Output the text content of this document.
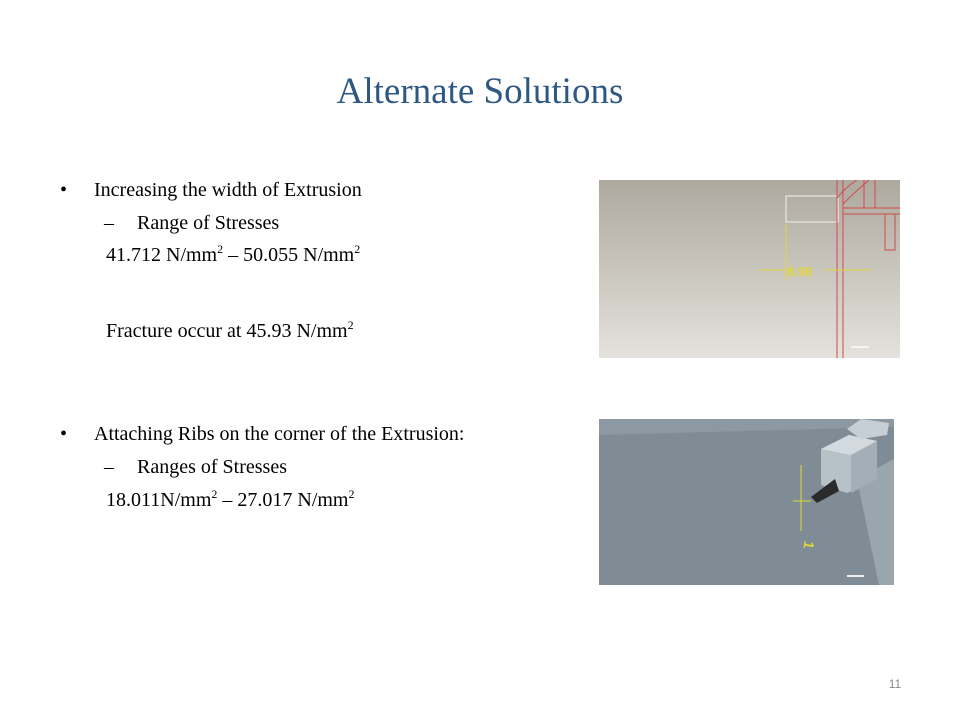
Alternate Solutions
• Increasing the width of Extrusion
– Range of Stresses
41.712 $N/mm^2 - 50.055$ $N/mm^2$
Fracture occur at 45.93 $N/mm^2$
• Attaching Ribs on the corner of the Extrusion:
– Ranges of Stresses
$18.011N/mm^2 - 27.017$ $N/mm^2$
8.98
1
11
